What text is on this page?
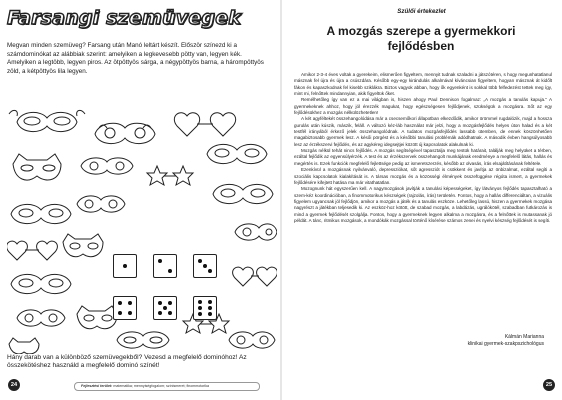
Farsangi szemüvegek

Megvan minden szemüveg? Farsang után Manó leltárt készít. Először színezd ki a számdominókat az alábbiak szerint: amelyiken a legkevesebb pötty van, legyen kék. Amelyiken a legtöbb, legyen piros. Az ötpöttyös sárga, a négypöttyös barna, a hárompöttyös zöld, a kétpöttyös lila legyen.

Hány darab van a különböző szemüvegekből? Vezesd a megfelelő dominóhoz! Az összekötéshez használd a megfelelő dominó színét!

24	Fejlesztési terület: matematika; mennyiségfogalom; színismeret; finommotorika
Szülői értekezlet
A mozgás szerepe a gyermekkori fejlődésben

Amikor 2-3-4 éves voltak a gyerekeim, elismerően figyeltem, mennyit tudnak szaladni a játszótéren, s hogy megunhatatlanul másznak fel újra és újra a csúszdára. Később egy-egy kirándulás alkalmával kíváncsian figyeltem, hogyan másznak át kidőlt fákon és kapaszkodnak fel kisebb sziklákra. Biztos vagyok abban, hogy ők egyenként is sokkal több felfedezést tettek meg így, mint mi, felnőttek mindannyian, akik figyeltük őket.

Remélhetőleg így van ez a mai világban is, hiszen ahogy Paul Dennison fogalmaz: „A mozgás a tanulás kapuja.” A gyermekeknek ahhoz, hogy jól érezzék magukat, hogy egészségesen fejlődjenek, szükségük a mozgásra. Sőt az egy fejlődésükhez a mozgás nélkülözhetetlen!

A két agyféltekét összehangolódása már a csecsemőkori állapotban elkezdődik, amikor örömmel rugdalózik, majd a hossza gurulás után kúszik, mászik, feláll. A változó kéz-láb használat már jelzi, hogy a mozgásfejlődés helyes úton halad és a két testfél irányából érkező jelek összehangolódnak. A tudatos mozgásfejlődés lassabb ütemben, de ennek köszönhetően magabiztosabb gyermek lesz. A késői pörgést és a későbbi tanulási problémák adódhatnak. A második évben hangsúlyosabb lesz az érzékszervi fejlődés, és az agykéreg idegsejtjei között új kapcsolatok alakulnak ki.

Mozgás nélkül tehát nincs fejlődés. A mozgás segítségével tapasztalja meg testük határait, találják meg helyüket a térben, ezáltal fejlődik az egyensúlyérzék. A test és az érzékszervek összehangolt munkájának eredménye a megfelelő látás, hallás és megértés is. Ezek funkciók megfelelő fejlettsége pedig az ismeretszerzés, később az olvasás, írás elsajátításának feltétele.

Ezenkívül a mozgásnak nyilvánvaló, depressziókat, sőt agressziót is csökkent és javítja az önbizalmat, ezáltal segíti a szociális kapcsolatok kialakítását is. A társas mozgás és a közösségi élmények összefüggése régóta ismert, a gyermekek fejlődésére kifejtett hatása ma már vitathatatlan.

Mozognunk hát egyszerűen kell. A nagymozgások javítják a tanulási képességeket, így látványos fejlődés tapasztalható a szem-kéz koordinációban, a finommotorikus készségek (rajzolás, írás) területén. Fontos, hogy a hallás differenciáltan, a vizuális figyelem ugyancsak jól fejlődjön, amikor a mozgás a játék és a tanulás eszköze. Lehetőleg lassú, hiszen a gyermekek mozgása nagyrészt a játékban teljesedik ki. Az eszköz-hoz kötött, de szabad mozgás, a labdázás, ugrálókötél, szabadban futkározás is mind a gyermek fejlődését szolgálja. Fontos, hogy a gyermeknek legyen alkalma a mozgásra, és a felnőttek is mutassanak jó példát. A tánc, ritmikus mozgások, a mondókák mozgással történő kísérése számos zenei és nyelvi készség fejlődését is segíti.

Kálmán Marianna
klinikai gyermek-szakpszichológus
25
